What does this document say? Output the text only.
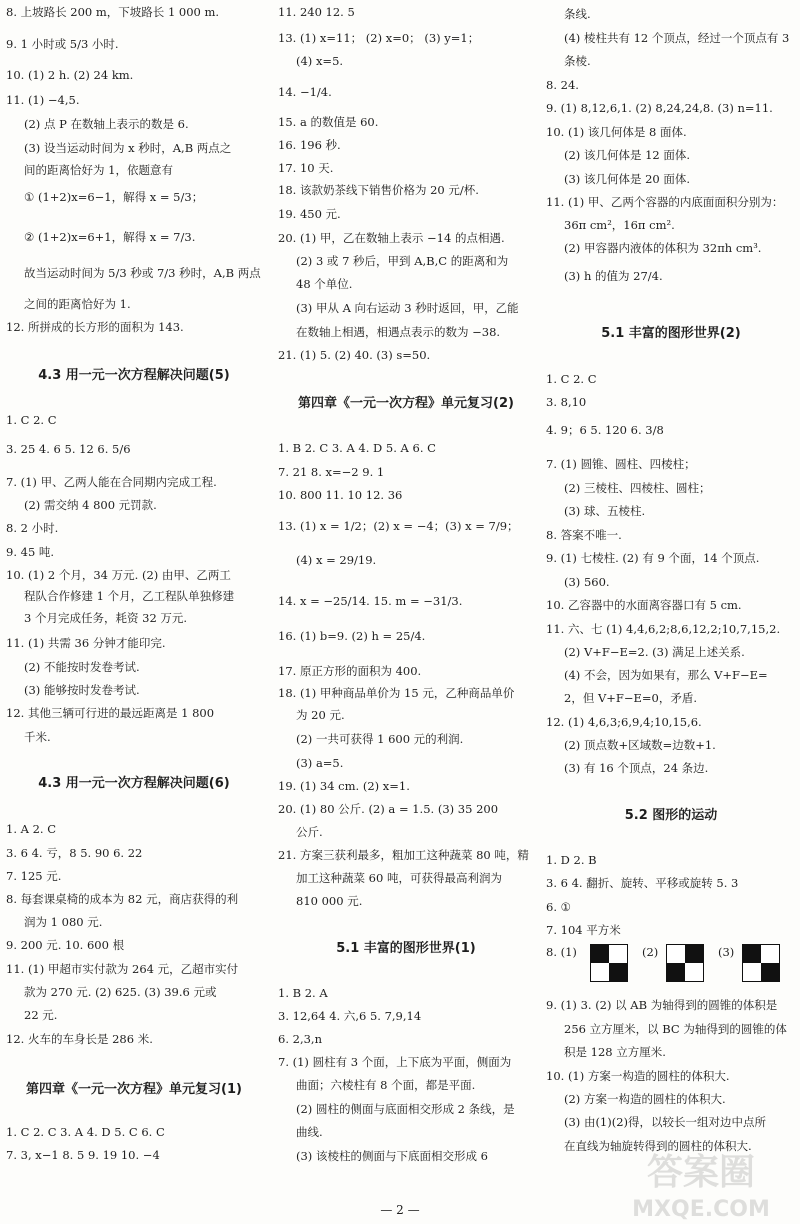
4.3 用一元一次方程解决问题(5)
4.3 用一元一次方程解决问题(6)
第四章《一元一次方程》单元复习(1)
8. 上坡路长 200 m，下坡路长 1 000 m.
9. 1 小时或 5/3 小时.
10. (1) 2 h. (2) 24 km.
11. (1) −4,5.
(2) 点 P 在数轴上表示的数是 6.
(3) 设当运动时间为 x 秒时，A,B 两点之
间的距离恰好为 1，依题意有
① (1+2)x=6−1，解得 x = 5/3；
② (1+2)x=6+1，解得 x = 7/3.
故当运动时间为 5/3 秒或 7/3 秒时，A,B 两点
之间的距离恰好为 1.
12. 所拼成的长方形的面积为 143.
1. C 2. C
3. 25 4. 6 5. 12 6. 5/6
7. (1) 甲、乙两人能在合同期内完成工程.
(2) 需交纳 4 800 元罚款.
8. 2 小时.
9. 45 吨.
10. (1) 2 个月，34 万元. (2) 由甲、乙两工
程队合作修建 1 个月，乙工程队单独修建
3 个月完成任务，耗资 32 万元.
11. (1) 共需 36 分钟才能印完.
(2) 不能按时发卷考试.
(3) 能够按时发卷考试.
12. 其他三辆可行进的最远距离是 1 800
千米.
1. A 2. C
3. 6 4. 亏，8 5. 90 6. 22
7. 125 元.
8. 每套课桌椅的成本为 82 元，商店获得的利
润为 1 080 元.
9. 200 元. 10. 600 根
11. (1) 甲超市实付款为 264 元，乙超市实付
款为 270 元. (2) 625. (3) 39.6 元或
22 元.
12. 火车的车身长是 286 米.
1. C 2. C 3. A 4. D 5. C 6. C
7. 3, x−1 8. 5 9. 19 10. −4
第四章《一元一次方程》单元复习(2)
5.1 丰富的图形世界(1)
11. 240 12. 5
13. (1) x=11； (2) x=0； (3) y=1；
(4) x=5.
14. −1/4.
15. a 的数值是 60.
16. 196 秒.
17. 10 天.
18. 该款奶茶线下销售价格为 20 元/杯.
19. 450 元.
20. (1) 甲，乙在数轴上表示 −14 的点相遇.
(2) 3 或 7 秒后，甲到 A,B,C 的距离和为
48 个单位.
(3) 甲从 A 向右运动 3 秒时返回，甲，乙能
在数轴上相遇，相遇点表示的数为 −38.
21. (1) 5. (2) 40. (3) s=50.
1. B 2. C 3. A 4. D 5. A 6. C
7. 21 8. x=−2 9. 1
10. 800 11. 10 12. 36
13. (1) x = 1/2；(2) x = −4；(3) x = 7/9；
(4) x = 29/19.
14. x = −25/14. 15. m = −31/3.
16. (1) b=9. (2) h = 25/4.
17. 原正方形的面积为 400.
18. (1) 甲种商品单价为 15 元，乙种商品单价
为 20 元.
(2) 一共可获得 1 600 元的利润.
(3) a=5.
19. (1) 34 cm. (2) x=1.
20. (1) 80 公斤. (2) a = 1.5. (3) 35 200
公斤.
21. 方案三获利最多，粗加工这种蔬菜 80 吨，精
加工这种蔬菜 60 吨，可获得最高利润为
810 000 元.
1. B 2. A
3. 12,64 4. 六,6 5. 7,9,14
6. 2,3,n
7. (1) 圆柱有 3 个面，上下底为平面，侧面为
曲面；六棱柱有 8 个面，都是平面.
(2) 圆柱的侧面与底面相交形成 2 条线，是
曲线.
(3) 该棱柱的侧面与下底面相交形成 6
5.1 丰富的图形世界(2)
5.2 图形的运动
(2)	(3)
条线.
(4) 棱柱共有 12 个顶点，经过一个顶点有 3
条棱.
8. 24.
9. (1) 8,12,6,1. (2) 8,24,24,8. (3) n=11.
10. (1) 该几何体是 8 面体.
(2) 该几何体是 12 面体.
(3) 该几何体是 20 面体.
11. (1) 甲、乙两个容器的内底面面积分别为：
36π cm²，16π cm².
(2) 甲容器内液体的体积为 32πh cm³.
(3) h 的值为 27/4.
1. C 2. C
3. 8,10
4. 9；6 5. 120 6. 3/8
7. (1) 圆锥、圆柱、四棱柱；
(2) 三棱柱、四棱柱、圆柱；
(3) 球、五棱柱.
8. 答案不唯一.
9. (1) 七棱柱. (2) 有 9 个面，14 个顶点.
(3) 560.
10. 乙容器中的水面离容器口有 5 cm.
11. 六、七 (1) 4,4,6,2;8,6,12,2;10,7,15,2.
(2) V+F−E=2. (3) 满足上述关系.
(4) 不会，因为如果有，那么 V+F−E=
2，但 V+F−E=0，矛盾.
12. (1) 4,6,3;6,9,4;10,15,6.
(2) 顶点数+区域数=边数+1.
(3) 有 16 个顶点，24 条边.
1. D 2. B
3. 6 4. 翻折、旋转、平移或旋转 5. 3
6. ①
7. 104 平方米
8. (1)
9. (1) 3. (2) 以 AB 为轴得到的圆锥的体积是
256 立方厘米，以 BC 为轴得到的圆锥的体
积是 128 立方厘米.
10. (1) 方案一构造的圆柱的体积大.
(2) 方案一构造的圆柱的体积大.
(3) 由(1)(2)得，以较长一组对边中点所
在直线为轴旋转得到的圆柱的体积大.
— 2 —
答案圈
MXQE.COM
